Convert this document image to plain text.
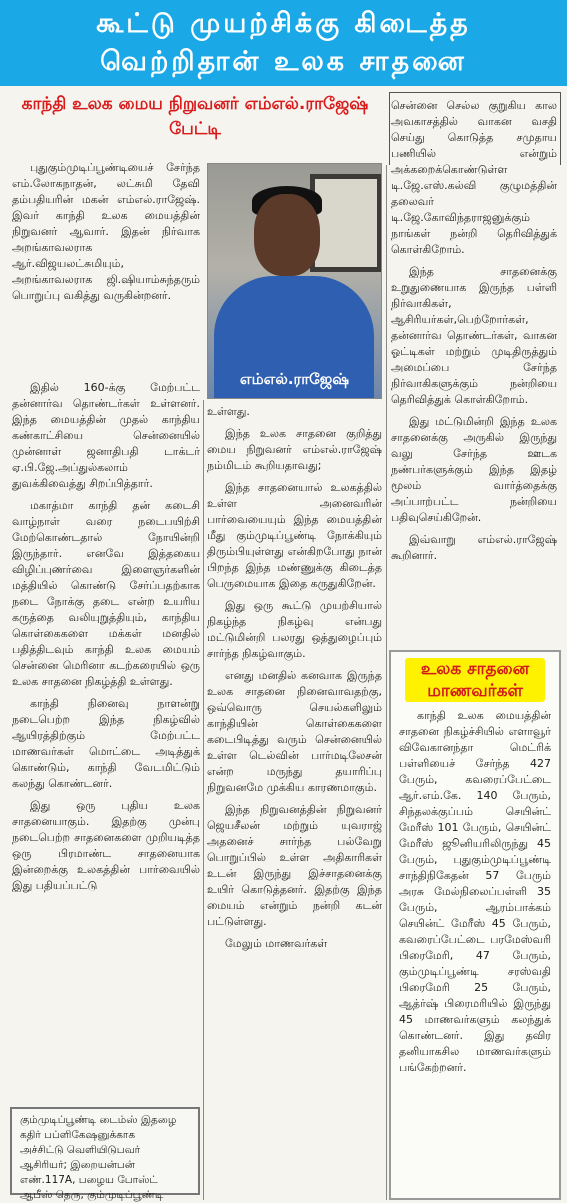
கூட்டு முயற்சிக்கு கிடைத்த
வெற்றிதான் உலக சாதனை
காந்தி உலக மைய நிறுவனர் எம்எல்.ராஜேஷ் பேட்டி
எம்எல்.ராஜேஷ்

புதுகும்முடிப்பூண்டியைச் சேர்ந்த எம்.லோகநாதன், லட்சுமி தேவி தம்பதியரின் மகன் எம்எல்.ராஜேஷ். இவர் காந்தி உலக மையத்தின் நிறுவனர் ஆவார். இதன் நிர்வாக அறங்காவலராக ஆர்.விஜயலட்சுமியும், அறங்காவலராக ஜி.ஷியாம்சுந்தரும் பொறுப்பு வகித்து வருகின்றனர்.

இதில் 160-க்கு மேற்பட்ட தன்னார்வ தொண்டர்கள் உள்ளனர். இந்த மையத்தின் முதல் காந்திய கண்காட்சியை சென்னையில் முன்னாள் ஜனாதிபதி டாக்டர் ஏ.பி.ஜே.அப்துல்கலாம் துவக்கிவைத்து சிறப்பித்தார்.

மகாத்மா காந்தி தன் கடைசி வாழ்நாள் வரை நடைபயிற்சி மேற்கொண்டதால் நோயின்றி இருந்தார். எனவே இத்தகைய விழிப்புணர்வை இளைஞர்களின் மத்தியில் கொண்டு சேர்ப்பதற்காக நடை நோக்கு தடை என்ற உயரிய கருத்தை வலியுறுத்தியும், காந்திய கொள்கைகளை மக்கள் மனதில் பதித்திடவும் காந்தி உலக மையம் சென்னை மெரினா கடற்கரையில் ஒரு உலக சாதனை நிகழ்த்தி உள்ளது.

காந்தி நினைவு நாளன்று நடைபெற்ற இந்த நிகழ்வில் ஆயிரத்திற்கும் மேற்பட்ட மாணவர்கள் மொட்டை அடித்துக் கொண்டும், காந்தி வேடமிட்டும் கலந்து கொண்டனர்.

இது ஒரு புதிய உலக சாதனையாகும். இதற்கு முன்பு நடைபெற்ற சாதனைகளை முறியடித்த ஒரு பிரமாண்ட சாதனையாக இன்றைக்கு உலகத்தின் பார்வையில் இது பதியப்பட்டு

உள்ளது.

இந்த உலக சாதனை குறித்து மைய நிறுவனர் எம்எல்.ராஜேஷ் நம்மிடம் கூறியதாவது;

இந்த சாதனையால் உலகத்தில் உள்ள அனைவரின் பார்வையையும் இந்த மையத்தின் மீது கும்முடிப்பூண்டி நோக்கியும் திரும்பியுள்ளது என்கிறபோது நான் பிறந்த இந்த மண்ணுக்கு கிடைத்த பெருமையாக இதை கருதுகிறேன்.

இது ஒரு கூட்டு முயற்சியால் நிகழ்ந்த நிகழ்வு என்பது மட்டுமின்றி பலரது ஒத்துழைப்பும் சார்ந்த நிகழ்வாகும்.

எனது மனதில் கனவாக இருந்த உலக சாதனை நினைவாவதற்கு, ஒவ்வொரு செயல்களிலும் காந்தியின் கொள்கைகளை கடைபிடித்து வரும் சென்னையில் உள்ள டெல்வின் பார்மடிலேசன் என்ற மருந்து தயாரிப்பு நிறுவனமே முக்கிய காரணமாகும்.

இந்த நிறுவனத்தின் நிறுவனர் ஜெயசீலன் மற்றும் யுவராஜ் அதனைச் சார்ந்த பல்வேறு பொறுப்பில் உள்ள அதிகாரிகள் உடன் இருந்து இச்சாதனைக்கு உயிர் கொடுத்தனர். இதற்கு இந்த மையம் என்றும் நன்றி கடன் பட்டுள்ளது.

மேலும் மாணவர்கள்

சென்னை செல்ல குறுகிய கால அவகாசத்தில் வாகன வசதி செய்து கொடுத்த சமுதாய பணியில் என்றும் அக்கறைக்கொண்டுள்ள டி.ஜே.எஸ்.கல்வி குழுமத்தின் தலைவர் டி.ஜே.கோவிந்தராஜனுக்கும் நாங்கள் நன்றி தெரிவித்துக் கொள்கிறோம்.

இந்த சாதனைக்கு உறுதுணையாக இருந்த பள்ளி நிர்வாகிகள், ஆசிரியர்கள்,பெற்றோர்கள், தன்னார்வ தொண்டர்கள், வாகன ஓட்டிகள் மற்றும் முடிதிருத்தும் அமைப்பை சேர்ந்த நிர்வாகிகளுக்கும் நன்றியை தெரிவித்துக் கொள்கிறோம்.

இது மட்டுமின்றி இந்த உலக சாதனைக்கு அருகில் இருந்து வலு சேர்ந்த ஊடக நண்பர்களுக்கும் இந்த இதழ் மூலம் வார்த்தைக்கு அப்பாற்பட்ட நன்றியை பதிவுசெய்கிறேன்.

இவ்வாறு எம்எல்.ராஜேஷ் கூறினார்.

உலக சாதனை
மாணவர்கள்
காந்தி உலக மையத்தின் சாதனை நிகழ்ச்சியில் எளாவூர் விவேகானந்தா மெட்ரிக் பள்ளியைச் சேர்ந்த 427 பேரும், கவரைப்பேட்டை ஆர்.எம்.கே. 140 பேரும், சிந்தலக்குப்பம் செயின்ட் மேரீஸ் 101 பேரும், செயின்ட் மேரீஸ் ஜூனியரிலிருந்து 45 பேரும், புதுகும்முடிப்பூண்டி சாந்திநிகேதன் 57 பேரும் அரசு மேல்நிலைப்பள்ளி 35 பேரும், ஆரம்பாக்கம் செயின்ட் மேரீஸ் 45 பேரும், கவரைப்பேட்டை பரமேஸ்வரி பிரைமேரி, 47 பேரும், கும்முடிப்பூண்டி சரஸ்வதி பிரைமேரி 25 பேரும், ஆத்ர்ஷ் பிரைமரியில் இருந்து 45 மாணவர்களும் கலந்துக் கொண்டனர். இது தவிர தனியாகசில மாணவர்களும் பங்கேற்றனர்.
கும்முடிப்பூண்டி டைம்ஸ் இதழை
கதிர் பப்ளிகேஷனுக்காக
அச்சிட்டு வெளியிடுபவர்
ஆசிரியர்; இறையன்பன்
எண்.117A, பழைய போஸ்ட்
ஆபீஸ் தெரு, கும்முடிப்பூண்டி
